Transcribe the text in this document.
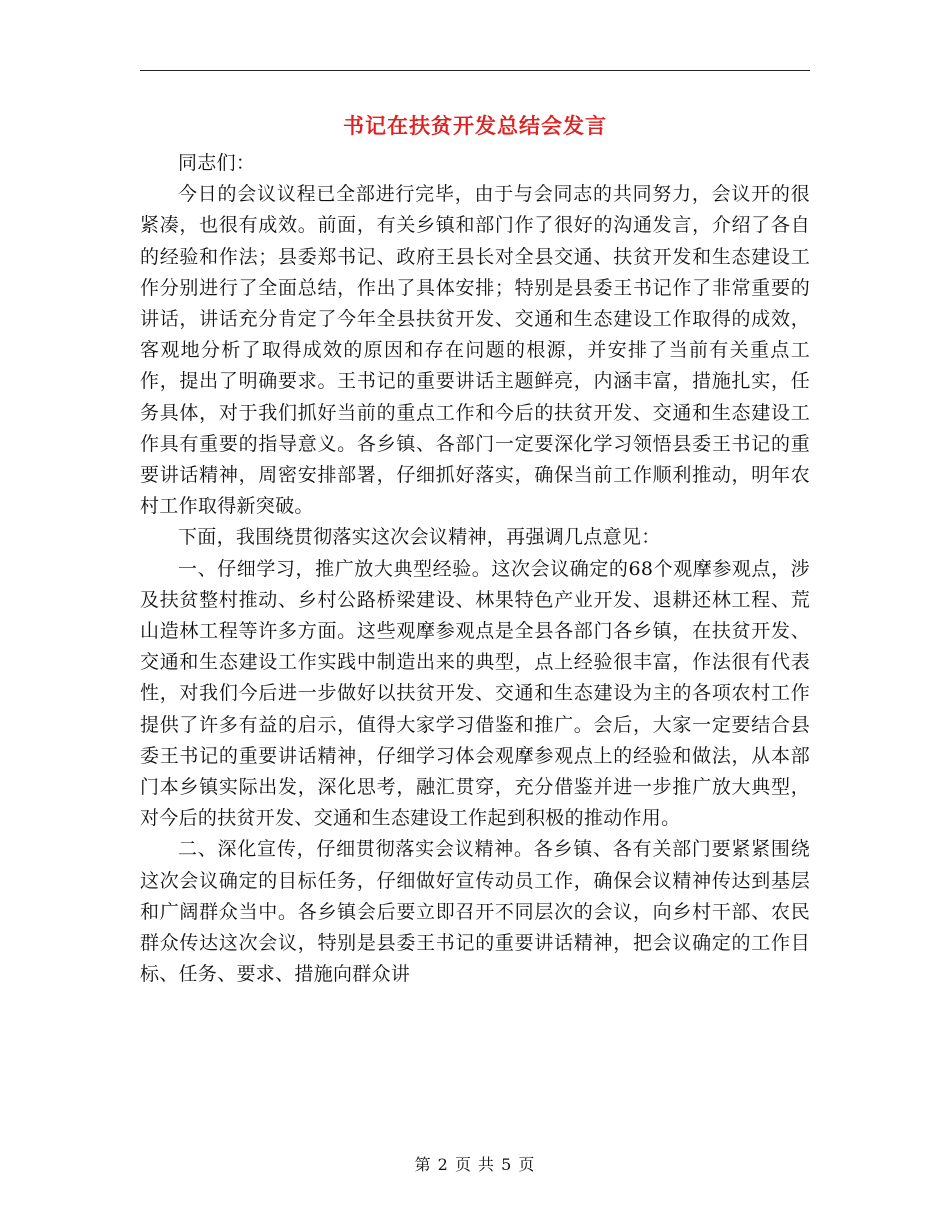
书记在扶贫开发总结会发言

同志们：

今日的会议议程已全部进行完毕，由于与会同志的共同努力，会议开的很紧凑，也很有成效。前面，有关乡镇和部门作了很好的沟通发言，介绍了各自的经验和作法；县委郑书记、政府王县长对全县交通、扶贫开发和生态建设工作分别进行了全面总结，作出了具体安排；特别是县委王书记作了非常重要的讲话，讲话充分肯定了今年全县扶贫开发、交通和生态建设工作取得的成效，客观地分析了取得成效的原因和存在问题的根源，并安排了当前有关重点工作，提出了明确要求。王书记的重要讲话主题鲜亮，内涵丰富，措施扎实，任务具体，对于我们抓好当前的重点工作和今后的扶贫开发、交通和生态建设工作具有重要的指导意义。各乡镇、各部门一定要深化学习领悟县委王书记的重要讲话精神，周密安排部署，仔细抓好落实，确保当前工作顺利推动，明年农村工作取得新突破。

下面，我围绕贯彻落实这次会议精神，再强调几点意见：

一、仔细学习，推广放大典型经验。这次会议确定的68个观摩参观点，涉及扶贫整村推动、乡村公路桥梁建设、林果特色产业开发、退耕还林工程、荒山造林工程等许多方面。这些观摩参观点是全县各部门各乡镇，在扶贫开发、交通和生态建设工作实践中制造出来的典型，点上经验很丰富，作法很有代表性，对我们今后进一步做好以扶贫开发、交通和生态建设为主的各项农村工作提供了许多有益的启示，值得大家学习借鉴和推广。会后，大家一定要结合县委王书记的重要讲话精神，仔细学习体会观摩参观点上的经验和做法，从本部门本乡镇实际出发，深化思考，融汇贯穿，充分借鉴并进一步推广放大典型，对今后的扶贫开发、交通和生态建设工作起到积极的推动作用。

二、深化宣传，仔细贯彻落实会议精神。各乡镇、各有关部门要紧紧围绕这次会议确定的目标任务，仔细做好宣传动员工作，确保会议精神传达到基层和广阔群众当中。各乡镇会后要立即召开不同层次的会议，向乡村干部、农民群众传达这次会议，特别是县委王书记的重要讲话精神，把会议确定的工作目标、任务、要求、措施向群众讲

第 2 页 共 5 页
